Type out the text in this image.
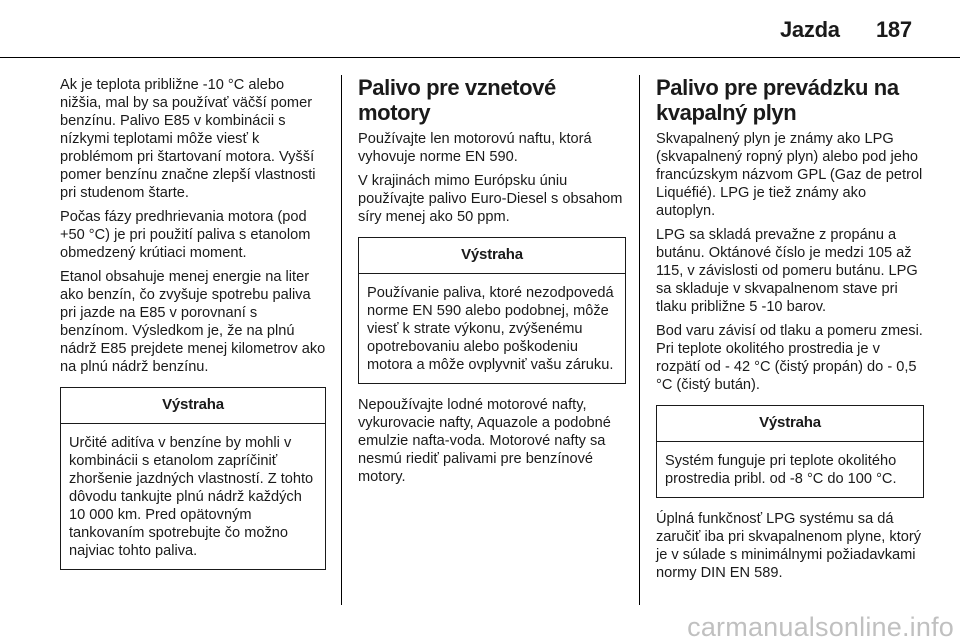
Jazda 187

Ak je teplota približne -10 °C alebo nižšia, mal by sa používať väčší pomer benzínu. Palivo E85 v kombinácii s nízkymi teplotami môže viesť k problémom pri štartovaní motora. Vyšší pomer benzínu značne zlepší vlastnosti pri studenom štarte.

Počas fázy predhrievania motora (pod +50 °C) je pri použití paliva s etanolom obmedzený krútiaci moment.

Etanol obsahuje menej energie na liter ako benzín, čo zvyšuje spotrebu paliva pri jazde na E85 v porovnaní s benzínom. Výsledkom je, že na plnú nádrž E85 prejdete menej kilometrov ako na plnú nádrž benzínu.

Výstraha
Určité aditíva v benzíne by mohli v kombinácii s etanolom zapríčiniť zhoršenie jazdných vlastností. Z tohto dôvodu tankujte plnú nádrž každých 10 000 km. Pred opätovným tankovaním spotrebujte čo možno najviac tohto paliva.
Palivo pre vznetové motory

Používajte len motorovú naftu, ktorá vyhovuje norme EN 590.

V krajinách mimo Európsku úniu používajte palivo Euro-Diesel s obsahom síry menej ako 50 ppm.

Výstraha
Používanie paliva, ktoré nezodpovedá norme EN 590 alebo podobnej, môže viesť k strate výkonu, zvýšenému opotrebovaniu alebo poškodeniu motora a môže ovplyvniť vašu záruku.

Nepoužívajte lodné motorové nafty, vykurovacie nafty, Aquazole a podobné emulzie nafta-voda. Motorové nafty sa nesmú riediť palivami pre benzínové motory.

Palivo pre prevádzku na kvapalný plyn

Skvapalnený plyn je známy ako LPG (skvapalnený ropný plyn) alebo pod jeho francúzskym názvom GPL (Gaz de petrol Liquéfié). LPG je tiež známy ako autoplyn.

LPG sa skladá prevažne z propánu a butánu. Oktánové číslo je medzi 105 až 115, v závislosti od pomeru butánu. LPG sa skladuje v skvapalnenom stave pri tlaku približne 5 -10 barov.

Bod varu závisí od tlaku a pomeru zmesi. Pri teplote okolitého prostredia je v rozpätí od - 42 °C (čistý propán) do - 0,5 °C (čistý bután).

Výstraha
Systém funguje pri teplote okolitého prostredia pribl. od -8 °C do 100 °C.

Úplná funkčnosť LPG systému sa dá zaručiť iba pri skvapalnenom plyne, ktorý je v súlade s minimálnymi požiadavkami normy DIN EN 589.

carmanualsonline.info
